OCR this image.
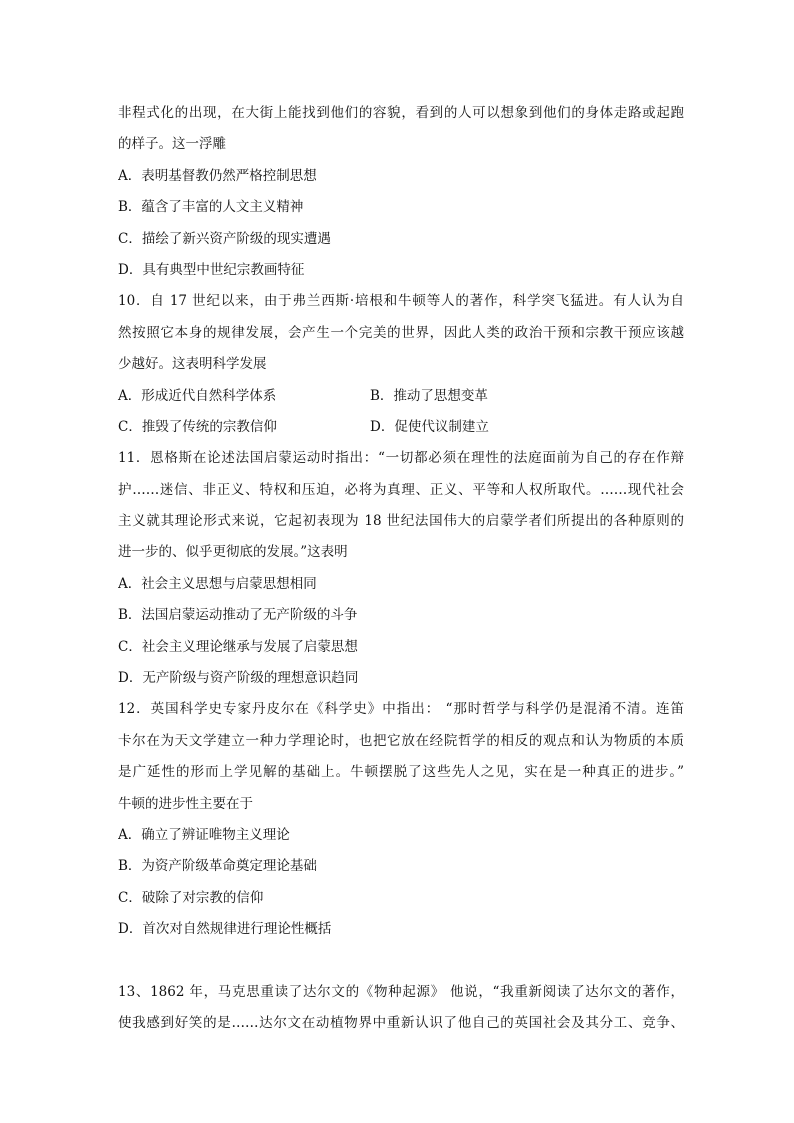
非程式化的出现，在大街上能找到他们的容貌，看到的人可以想象到他们的身体走路或起跑
的样子。这一浮雕
A．表明基督教仍然严格控制思想
B．蕴含了丰富的人文主义精神
C．描绘了新兴资产阶级的现实遭遇
D．具有典型中世纪宗教画特征
10．自 17 世纪以来，由于弗兰西斯·培根和牛顿等人的著作，科学突飞猛进。有人认为自
然按照它本身的规律发展，会产生一个完美的世界，因此人类的政治干预和宗教干预应该越
少越好。这表明科学发展
A．形成近代自然科学体系	B．推动了思想变革
C．推毁了传统的宗教信仰	D．促使代议制建立
11．恩格斯在论述法国启蒙运动时指出：“一切都必须在理性的法庭面前为自己的存在作辩
护……迷信、非正义、特权和压迫，必将为真理、正义、平等和人权所取代。……现代社会
主义就其理论形式来说，它起初表现为 18 世纪法国伟大的启蒙学者们所提出的各种原则的
进一步的、似乎更彻底的发展。”这表明
A．社会主义思想与启蒙思想相同
B．法国启蒙运动推动了无产阶级的斗争
C．社会主义理论继承与发展了启蒙思想
D．无产阶级与资产阶级的理想意识趋同
12．英国科学史专家丹皮尔在《科学史》中指出： “那时哲学与科学仍是混淆不清。连笛
卡尔在为天文学建立一种力学理论时，也把它放在经院哲学的相反的观点和认为物质的本质
是广延性的形而上学见解的基础上。牛顿摆脱了这些先人之见，实在是一种真正的进步。”
牛顿的进步性主要在于
A．确立了辨证唯物主义理论
B．为资产阶级革命奠定理论基础
C．破除了对宗教的信仰
D．首次对自然规律进行理论性概括
13、1862 年，马克思重读了达尔文的《物种起源》 他说，“我重新阅读了达尔文的著作，
使我感到好笑的是……达尔文在动植物界中重新认识了他自己的英国社会及其分工、竞争、
